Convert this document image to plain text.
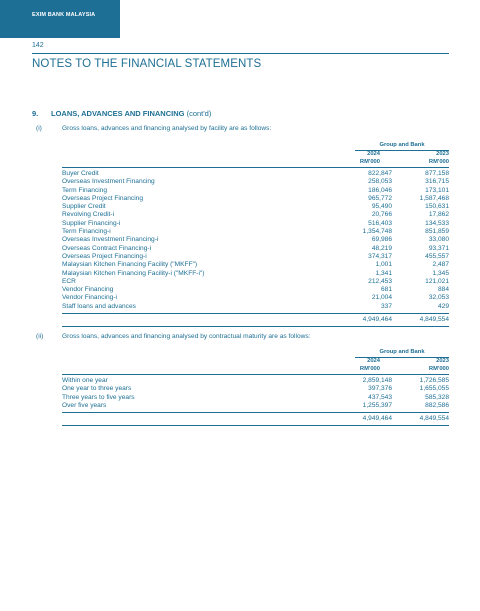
EXIM BANK MALAYSIA
142
NOTES TO THE FINANCIAL STATEMENTS
9. LOANS, ADVANCES AND FINANCING (cont'd)
(i)	Gross loans, advances and financing analysed by facility are as follows:
Group and Bank
2024
RM'000
2023
RM'000
Buyer Credit	822,847	877,158
Overseas Investment Financing	258,053	316,715
Term Financing	186,046	173,101
Overseas Project Financing	965,772	1,587,468
Supplier Credit	95,490	150,631
Revolving Credit-i	20,766	17,862
Supplier Financing-i	516,403	134,533
Term Financing-i	1,354,748	851,859
Overseas Investment Financing-i	69,986	33,080
Overseas Contract Financing-i	48,219	93,371
Overseas Project Financing-i	374,317	455,557
Malaysian Kitchen Financing Facility ("MKFF")	1,001	2,487
Malaysian Kitchen Financing Facility-i ("MKFF-i")	1,341	1,345
ECR	212,453	121,021
Vendor Financing	681	884
Vendor Financing-i	21,004	32,053
Staff loans and advances	337	429
4,949,464	4,849,554
(ii)	Gross loans, advances and financing analysed by contractual maturity are as follows:
Group and Bank
2024
RM'000
2023
RM'000
Within one year	2,859,148	1,726,585
One year to three years	397,376	1,655,055
Three years to five years	437,543	585,328
Over five years	1,255,397	882,586
4,949,464	4,849,554
